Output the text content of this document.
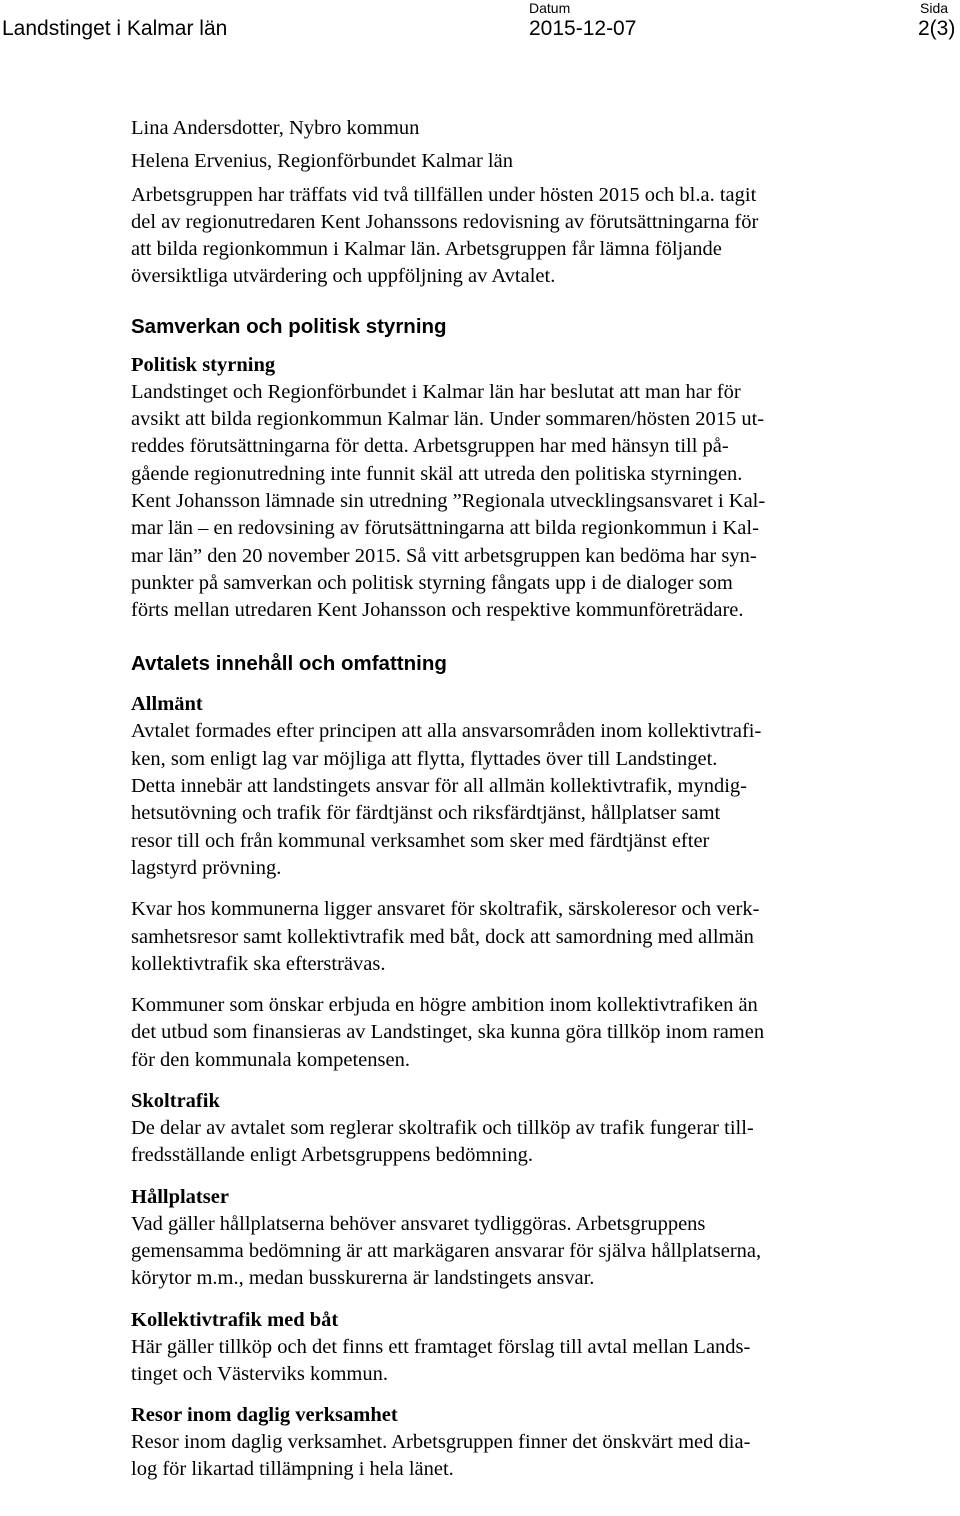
Landstinget i Kalmar län
Datum
2015-12-07
Sida
2(3)

Lina Andersdotter, Nybro kommun

Helena Ervenius, Regionförbundet Kalmar län

Arbetsgruppen har träffats vid två tillfällen under hösten 2015 och bl.a. tagit
del av regionutredaren Kent Johanssons redovisning av förutsättningarna för
att bilda regionkommun i Kalmar län. Arbetsgruppen får lämna följande
översiktliga utvärdering och uppföljning av Avtalet.

Samverkan och politisk styrning
Politisk styrning

Landstinget och Regionförbundet i Kalmar län har beslutat att man har för
avsikt att bilda regionkommun Kalmar län. Under sommaren/hösten 2015 ut-
reddes förutsättningarna för detta. Arbetsgruppen har med hänsyn till på-
gående regionutredning inte funnit skäl att utreda den politiska styrningen.
Kent Johansson lämnade sin utredning ”Regionala utvecklingsansvaret i Kal-
mar län – en redovsining av förutsättningarna att bilda regionkommun i Kal-
mar län” den 20 november 2015. Så vitt arbetsgruppen kan bedöma har syn-
punkter på samverkan och politisk styrning fångats upp i de dialoger som
förts mellan utredaren Kent Johansson och respektive kommunföreträdare.

Avtalets innehåll och omfattning
Allmänt

Avtalet formades efter principen att alla ansvarsområden inom kollektivtrafi-
ken, som enligt lag var möjliga att flytta, flyttades över till Landstinget.
Detta innebär att landstingets ansvar för all allmän kollektivtrafik, myndig-
hetsutövning och trafik för färdtjänst och riksfärdtjänst, hållplatser samt
resor till och från kommunal verksamhet som sker med färdtjänst efter
lagstyrd prövning.

Kvar hos kommunerna ligger ansvaret för skoltrafik, särskoleresor och verk-
samhetsresor samt kollektivtrafik med båt, dock att samordning med allmän
kollektivtrafik ska eftersträvas.

Kommuner som önskar erbjuda en högre ambition inom kollektivtrafiken än
det utbud som finansieras av Landstinget, ska kunna göra tillköp inom ramen
för den kommunala kompetensen.

Skoltrafik

De delar av avtalet som reglerar skoltrafik och tillköp av trafik fungerar till-
fredsställande enligt Arbetsgruppens bedömning.

Hållplatser

Vad gäller hållplatserna behöver ansvaret tydliggöras. Arbetsgruppens
gemensamma bedömning är att markägaren ansvarar för själva hållplatserna,
körytor m.m., medan busskurerna är landstingets ansvar.

Kollektivtrafik med båt

Här gäller tillköp och det finns ett framtaget förslag till avtal mellan Lands-
tinget och Västerviks kommun.

Resor inom daglig verksamhet

Resor inom daglig verksamhet. Arbetsgruppen finner det önskvärt med dia-
log för likartad tillämpning i hela länet.
